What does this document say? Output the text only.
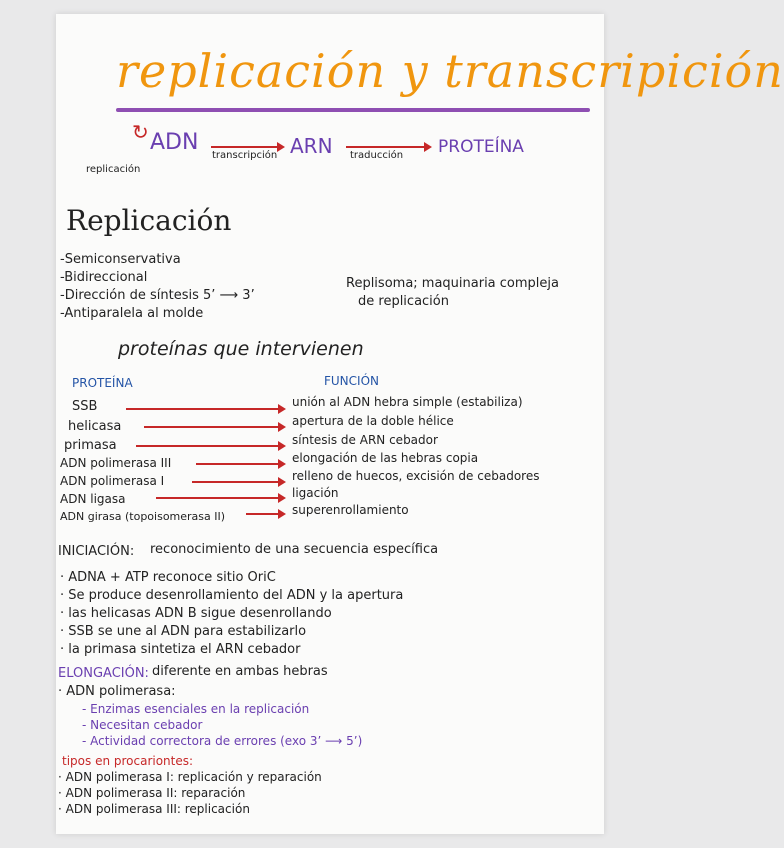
replicación y transcripición
ADN
transcripción ARN traducción PROTEÍNA
replicación
↻
Replicación
-Semiconservativa
-Bidireccional
-Dirección de síntesis 5’ ⟶ 3’
-Antiparalela al molde
Replisoma; maquinaria compleja
de replicación
proteínas que intervienen
PROTEÍNA	FUNCIÓN
SSB	unión al ADN hebra simple (estabiliza)
helicasa	apertura de la doble hélice
primasa	síntesis de ARN cebador
ADN polimerasa III	elongación de las hebras copia
ADN polimerasa I	relleno de huecos, excisión de cebadores
ADN ligasa	ligación
ADN girasa (topoisomerasa II)	superenrollamiento
INICIACIÓN: reconocimiento de una secuencia específica
· ADNA + ATP reconoce sitio OriC
· Se produce desenrollamiento del ADN y la apertura
· las helicasas ADN B sigue desenrollando
· SSB se une al ADN para estabilizarlo
· la primasa sintetiza el ARN cebador
ELONGACIÓN: diferente en ambas hebras
· ADN polimerasa:
- Enzimas esenciales en la replicación
- Necesitan cebador
- Actividad correctora de errores (exo 3’ ⟶ 5’)
tipos en procariontes:
· ADN polimerasa I: replicación y reparación
· ADN polimerasa II: reparación
· ADN polimerasa III: replicación
